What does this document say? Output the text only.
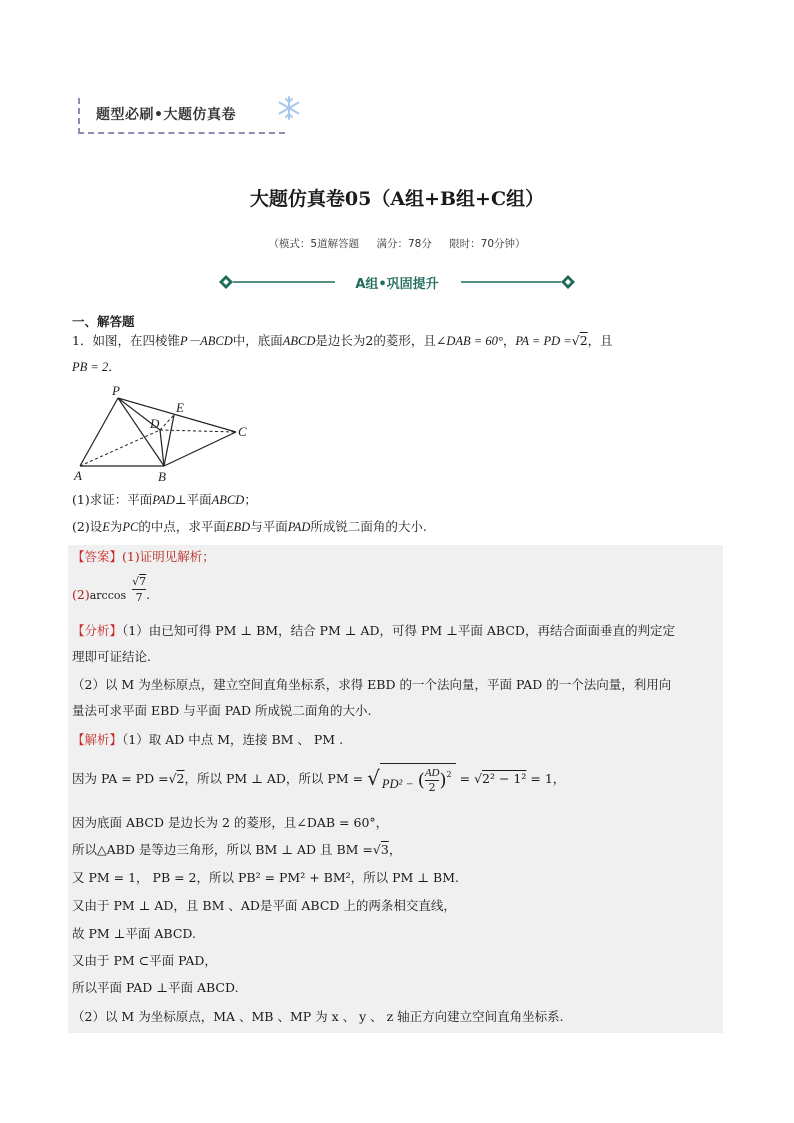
题型必刷•大题仿真卷
大题仿真卷05（A组+B组+C组）
（模式：5道解答题 满分：78分 限时：70分钟）
A组•巩固提升
一、解答题
1．如图，在四棱锥P－ABCD中，底面ABCD是边长为2的菱形，且∠DAB = 60°，PA = PD =√2，且
PB = 2．
P
E
D
C
A	B
(1)求证：平面PAD⊥平面ABCD；
(2)设E为PC的中点，求平面EBD与平面PAD所成锐二面角的大小.
【答案】(1)证明见解析；
$(2)\arccos \frac{√7}{7}$ .
【分析】（1）由已知可得 PM ⊥ BM，结合 PM ⊥ AD，可得 PM ⊥平面 ABCD，再结合面面垂直的判定定
理即可证结论.
（2）以 M 为坐标原点，建立空间直角坐标系，求得 EBD 的一个法向量，平面 PAD 的一个法向量，利用向
量法可求平面 EBD 与平面 PAD 所成锐二面角的大小.
【解析】（1）取 AD 中点 M，连接 BM 、 PM .
因为 PA = PD =√2，所以 PM ⊥ AD，所以 PM = √ PD² − ( $\frac{AD}{2} )^2 = √2^2 - 1^2 = 1$，
因为底面 ABCD 是边长为 2 的菱形，且∠DAB = 60°，
所以△ABD 是等边三角形，所以 BM ⊥ AD 且 BM =√3，
又 PM = 1， PB = 2，所以 PB² = PM² + BM²，所以 PM ⊥ BM.
又由于 PM ⊥ AD，且 BM 、AD是平面 ABCD 上的两条相交直线，
故 PM ⊥平面 ABCD.
又由于 PM ⊂平面 PAD，
所以平面 PAD ⊥平面 ABCD.
（2）以 M 为坐标原点，MA 、MB 、MP 为 x 、 y 、 z 轴正方向建立空间直角坐标系.
